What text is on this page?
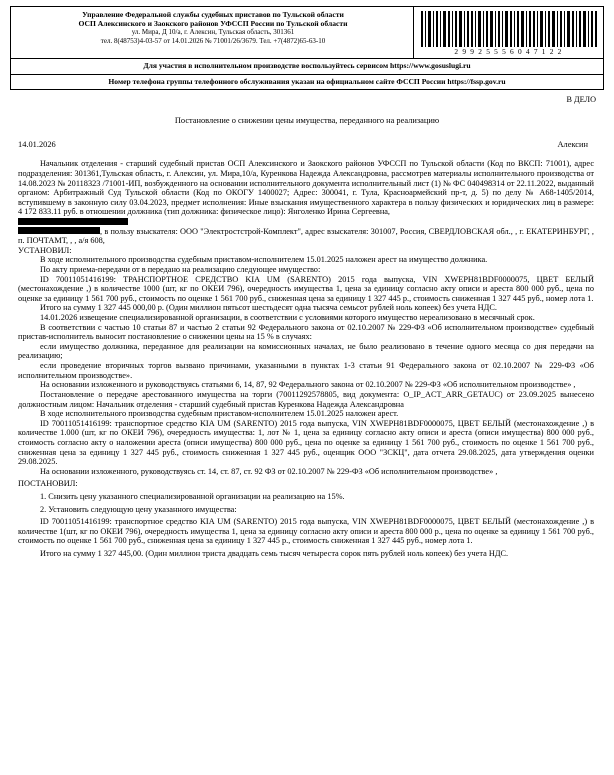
Управление Федеральной службы судебных приставов по Тульской области
ОСП Алексинского и Заокского районов УФССП России по Тульской области
ул. Мира, Д 10/а, г. Алексин, Тульская область, 301361
тел. 8(48753)4-03-57 от 14.01.2026 № 71001/26/3679. Тел. +7(4872)65-63-10
2 9 9 2 5 5 5 6 0 4 7 1 2 2
Для участия в исполнительном производстве воспользуйтесь сервисом https://www.gosuslugi.ru
Номер телефона группы телефонного обслуживания указан на официальном сайте ФССП России https://fssp.gov.ru
В ДЕЛО
Постановление о снижении цены имущества, переданного на реализацию
14.01.2026	Алексин

Начальник отделения - старший судебный пристав ОСП Алексинского и Заокского районов УФССП по Тульской области (Код по ВКСП: 71001), адрес подразделения: 301361,Тульская область, г. Алексин, ул. Мира,10/а, Куренкова Надежда Александровна, рассмотрев материалы исполнительного производства от 14.08.2023 № 20118323 /71001-ИП, возбужденного на основании исполнительного документа исполнительный лист (1) № ФС 040498314 от 22.11.2022, выданный органом: Арбитражный Суд Тульской области (Код по ОКОГУ 1400027; Адрес: 300041, г. Тула, Красноармейский пр-т, д. 5) по делу № А68-1405/2014, вступившему в законную силу 03.04.2023, предмет исполнения: Иные взыскания имущественного характера в пользу физических и юридических лиц в размере: 4 172 833.11 руб. в отношении должника (тип должника: физическое лицо): Янголенко Ирина Сергеевна,

, в пользу взыскателя: ООО "Электростстрой-Комплект", адрес взыскателя: 301007, Россия, СВЕРДЛОВСКАЯ обл., , г. ЕКАТЕРИНБУРГ, , п. ПОЧТАМТ, , , а/я 608,

УСТАНОВИЛ:

В ходе исполнительного производства судебным приставом-исполнителем 15.01.2025 наложен арест на имущество должника.

По акту приема-передачи от в передано на реализацию следующее имущество:

ID 70011051416199: ТРАНСПОРТНОЕ СРЕДСТВО KIA UM (SARENTO) 2015 года выпуска, VIN XWEPH81BDF0000075, ЦВЕТ БЕЛЫЙ (местонахождение ,) в количестве 1000 (шт, кг по ОКЕИ 796), очередность имущества 1, цена за единицу согласно акту описи и ареста 800 000 руб., цена по оценке за единицу 1 561 700 руб., стоимость по оценке 1 561 700 руб., сниженная цена за единицу 1 327 445 р., стоимость сниженная 1 327 445 руб., номер лота 1.

Итого на сумму 1 327 445 000,00 р. (Один миллион пятьсот шестьдесят одна тысяча семьсот рублей ноль копеек) без учета НДС.

14.01.2026 извещение специализированной организации, в соответствии с условиями которого имущество нереализовано в месячный срок.

В соответствии с частью 10 статьи 87 и частью 2 статьи 92 Федерального закона от 02.10.2007 № 229-ФЗ «Об исполнительном производстве» судебный пристав-исполнитель выносит постановление о снижении цены на 15 % в случаях:

если имущество должника, переданное для реализации на комиссионных началах, не было реализовано в течение одного месяца со дня передачи на реализацию;

если проведение вторичных торгов вызвано причинами, указанными в пунктах 1-3 статьи 91 Федерального закона от 02.10.2007 № 229-ФЗ «Об исполнительном производстве».

На основании изложенного и руководствуясь статьями 6, 14, 87, 92 Федерального закона от 02.10.2007 № 229-ФЗ «Об исполнительном производстве» ,

Постановление о передаче арестованного имущества на торги (70011292578805, вид документа: O_IP_ACT_ARR_GETAUC) от 23.09.2025 вынесено должностным лицом: Начальник отделения - старший судебный пристав Куренкова Надежда Александровна

В ходе исполнительного производства судебным приставом-исполнителем 15.01.2025 наложен арест.

ID 70011051416199: транспортное средство KIA UM (SARENTO) 2015 года выпуска, VIN XWEPH81BDF0000075, ЦВЕТ БЕЛЫЙ (местонахождение ,) в количестве 1.000 (шт, кг по ОКЕИ 796), очередность имущества: 1, лот № 1, цена за единицу согласно акту описи и ареста (описи имущества) 800 000 руб., стоимость согласно акту о наложении ареста (описи имущества) 800 000 руб., цена по оценке за единицу 1 561 700 руб., стоимость по оценке 1 561 700 руб., сниженная цена за единицу 1 327 445 руб., стоимость сниженная 1 327 445 руб., оценщик ООО "ЗСКЦ", дата отчета 29.08.2025, дата утверждения оценки 29.08.2025.

На основании изложенного, руководствуясь ст. 14, ст. 87, ст. 92 ФЗ от 02.10.2007 № 229-ФЗ «Об исполнительном производстве» ,

ПОСТАНОВИЛ:

1. Снизить цену указанного специализированной организации на реализацию на 15%.

2. Установить следующую цену указанного имущества:

ID 70011051416199: транспортное средство KIA UM (SARENTO) 2015 года выпуска, VIN XWEPH81BDF0000075, ЦВЕТ БЕЛЫЙ (местонахождение ,) в количестве 1(шт, кг по ОКЕИ 796), очередность имущества 1, цена за единицу согласно акту описи и ареста 800 000 р., цена по оценке за единицу 1 561 700 руб., стоимость по оценке 1 561 700 руб., сниженная цена за единицу 1 327 445 р., стоимость сниженная 1 327 445 руб., номер лота 1.

Итого на сумму 1 327 445,00. (Один миллион триста двадцать семь тысяч четыреста сорок пять рублей ноль копеек) без учета НДС.
